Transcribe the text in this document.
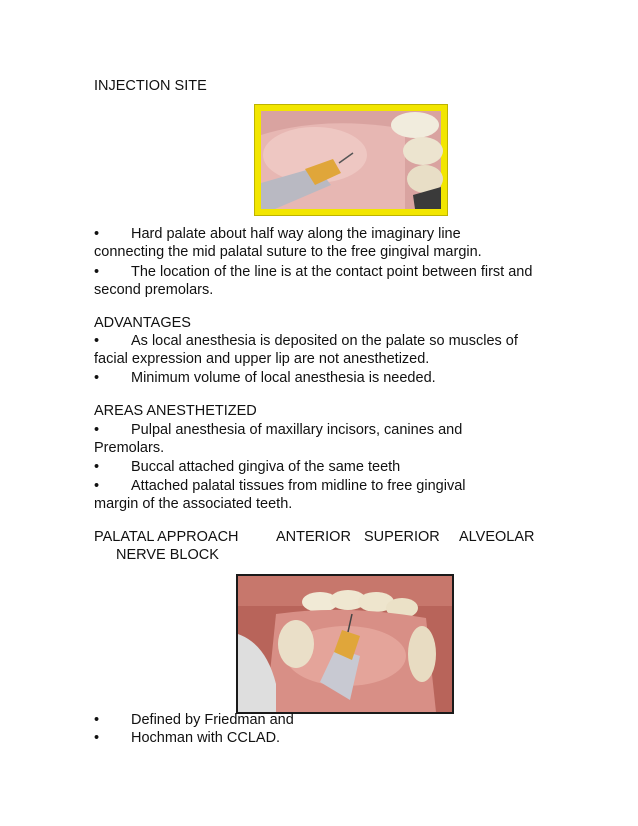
INJECTION SITE
• Hard palate about half way along the imaginary line
connecting the mid palatal suture to the free gingival margin.
• The location of the line is at the contact point between first and
second premolars.
ADVANTAGES
• As local anesthesia is deposited on the palate so muscles of
facial expression and upper lip are not anesthetized.
• Minimum volume of local anesthesia is needed.
AREAS ANESTHETIZED
• Pulpal anesthesia of maxillary incisors, canines and
Premolars.
• Buccal attached gingiva of the same teeth
• Attached palatal tissues from midline to free gingival
margin of the associated teeth.
PALATAL APPROACH	ANTERIOR SUPERIOR ALVEOLAR
NERVE BLOCK
• Defined by Friedman and
• Hochman with CCLAD.
